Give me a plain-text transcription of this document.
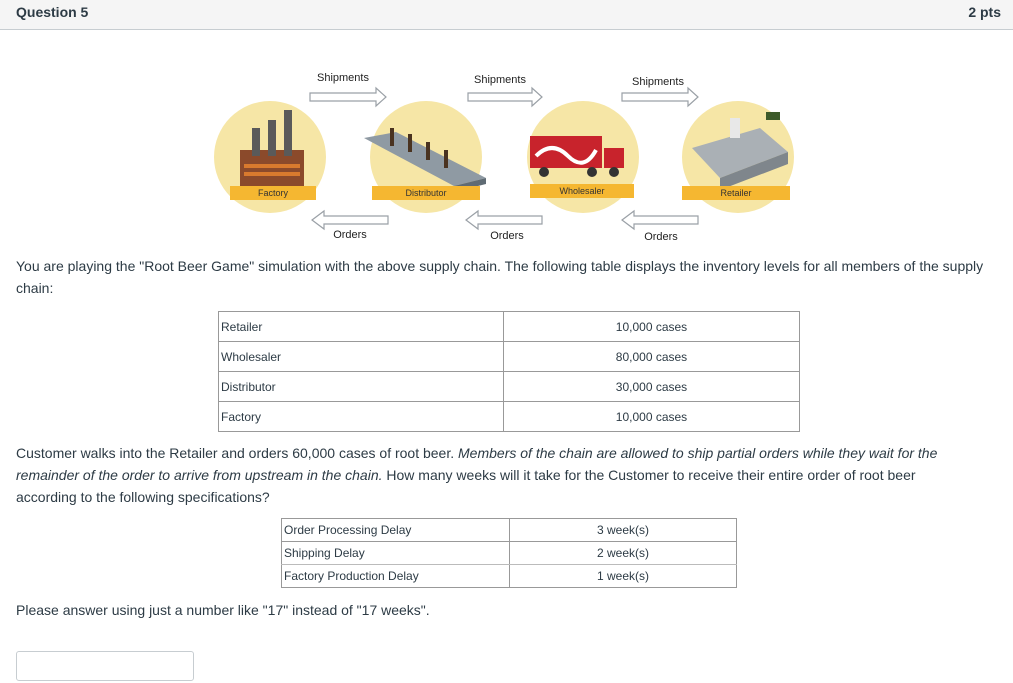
Question 5	2 pts
Factory	Distributor	Wholesaler	Retailer
Shipments	Shipments	Shipments
Orders	Orders	Orders
You are playing the "Root Beer Game" simulation with the above supply chain. The following table displays the inventory levels for all members of the supply chain:
Retailer	10,000 cases
Wholesaler	80,000 cases
Distributor	30,000 cases
Factory	10,000 cases
Customer walks into the Retailer and orders 60,000 cases of root beer. Members of the chain are allowed to ship partial orders while they wait for the remainder of the order to arrive from upstream in the chain. How many weeks will it take for the Customer to receive their entire order of root beer according to the following specifications?
Order Processing Delay	3 week(s)
Shipping Delay	2 week(s)
Factory Production Delay	1 week(s)
Please answer using just a number like "17" instead of "17 weeks".
